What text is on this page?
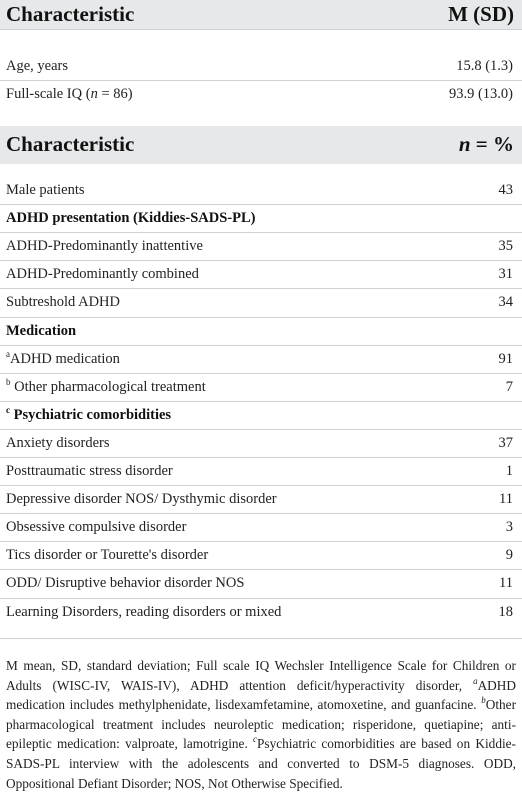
Characteristic	M (SD)
Age, years	15.8 (1.3)
Full-scale IQ (n = 86)	93.9 (13.0)
Characteristic	n = %
Male patients	43
ADHD presentation (Kiddies-SADS-PL)
ADHD-Predominantly inattentive	35
ADHD-Predominantly combined	31
Subtreshold ADHD	34
Medication
$^a$ADHD medication	91
$^b$ Other pharmacological treatment	7
$^c$ Psychiatric comorbidities
Anxiety disorders	37
Posttraumatic stress disorder	1
Depressive disorder NOS/ Dysthymic disorder	11
Obsessive compulsive disorder	3
Tics disorder or Tourette's disorder	9
ODD/ Disruptive behavior disorder NOS	11
Learning Disorders, reading disorders or mixed	18

M mean, SD, standard deviation; Full scale IQ Wechsler Intelligence Scale for Children or Adults (WISC-IV, WAIS-IV), ADHD attention deficit/hyperactivity disorder, $^a$ADHD medication includes methylphenidate, lisdexamfetamine, atomoxetine, and guanfacine. $^b$Other pharmacological treatment includes neuroleptic medication; risperidone, quetiapine; anti-epileptic medication: valproate, lamotrigine. $^c$Psychiatric comorbidities are based on Kiddie-SADS-PL interview with the adolescents and converted to DSM-5 diagnoses. ODD, Oppositional Defiant Disorder; NOS, Not Otherwise Specified.
